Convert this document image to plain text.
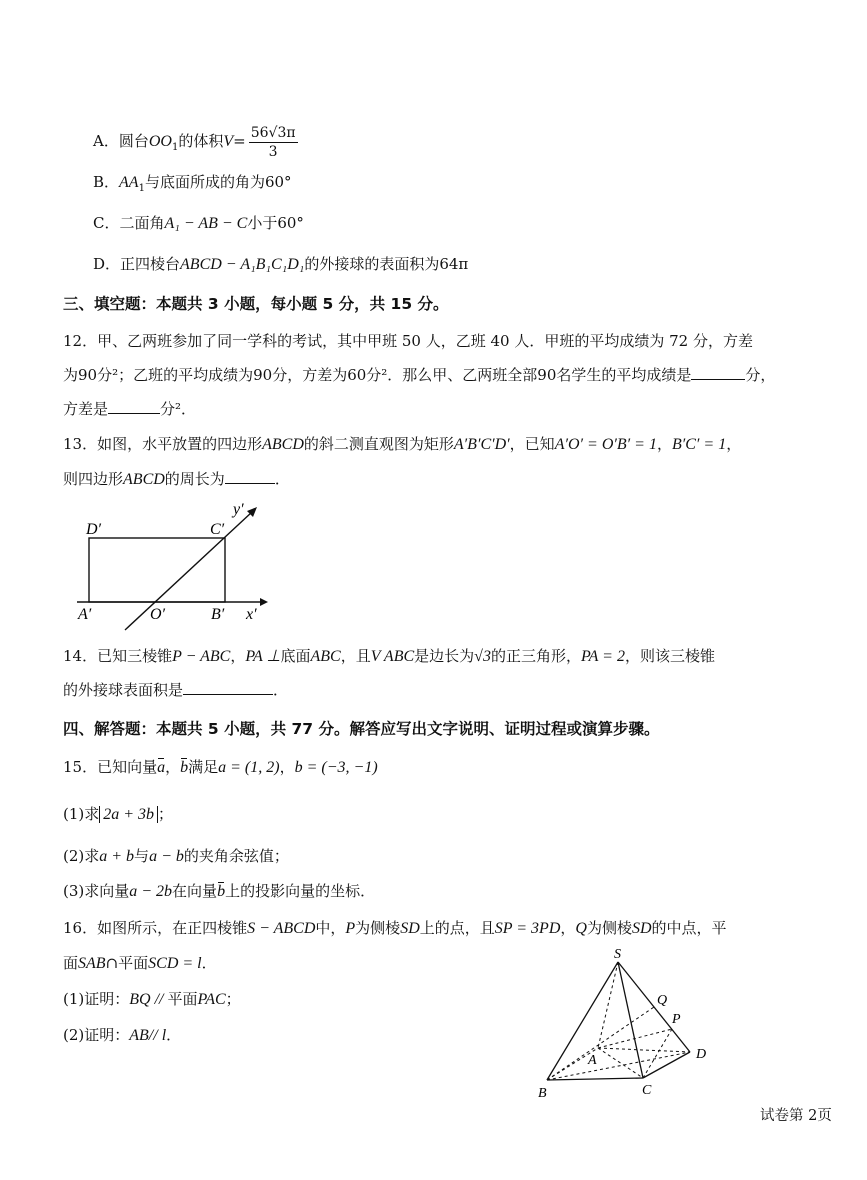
A．圆台$OO_1$的体积$V= \frac{56√3\pi}{3}$
B．$AA_1$与底面所成的角为60°
C．二面角A₁ − AB − C小于60°
D．正四棱台ABCD − A₁B₁C₁D₁的外接球的表面积为64π
三、填空题：本题共 3 小题，每小题 5 分，共 15 分。
12．甲、乙两班参加了同一学科的考试，其中甲班 50 人，乙班 40 人．甲班的平均成绩为 72 分，方差
为90分²；乙班的平均成绩为90分，方差为60分²．那么甲、乙两班全部90名学生的平均成绩是	分，
方差是	分²．
13．如图，水平放置的四边形ABCD的斜二测直观图为矩形A′B′C′D′，已知A′O′ = O′B′ = 1，B′C′ = 1，
则四边形ABCD的周长为	．
D′	C′
A′	O′	B′ x′
y′
14．已知三棱锥P − ABC，PA ⊥底面ABC，且V ABC是边长为√3的正三角形，PA = 2，则该三棱锥
的外接球表面积是	．
四、解答题：本题共 5 小题，共 77 分。解答应写出文字说明、证明过程或演算步骤。
15．已知向量a，b满足a = (1, 2)，b = (−3, −1)
(1)求 2a + 3b ；
(2)求a + b与a − b的夹角余弦值；
(3)求向量a − 2b在向量b上的投影向量的坐标．
16．如图所示，在正四棱锥S − ABCD中，P为侧棱SD上的点，且SP = 3PD，Q为侧棱SD的中点，平
面SAB∩平面SCD = l．
(1)证明：BQ // 平面PAC；
(2)证明：AB// l．
S
Q
P
A	D
B	C
试卷第 2页
